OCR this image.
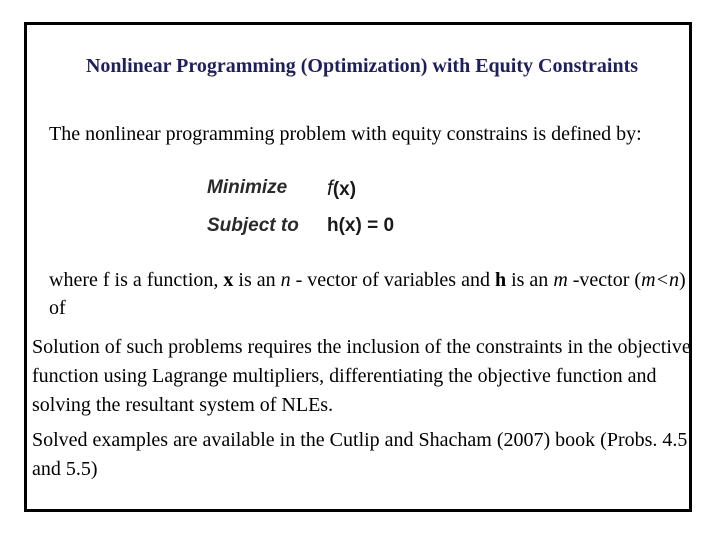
Nonlinear Programming (Optimization) with Equity Constraints
The nonlinear programming problem with equity constrains is defined by:
Minimize f(x)
Subject to h(x) = 0
where f is a function, x is an n - vector of variables and h is an m -vector (m<n) of
Solution of such problems requires the inclusion of the constraints in the objective function using Lagrange multipliers, differentiating the objective function and solving the resultant system of NLEs.
Solved examples are available in the Cutlip and Shacham (2007) book (Probs. 4.5 and 5.5)
